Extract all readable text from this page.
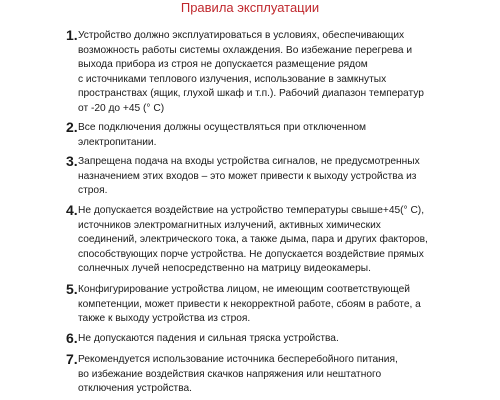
Правила эксплуатации
1. Устройство должно эксплуатироваться в условиях, обеспечивающих
возможность работы системы охлаждения. Во избежание перегрева и
выхода прибора из строя не допускается размещение рядом
с источниками теплового излучения, использование в замкнутых
пространствах (ящик, глухой шкаф и т.п.). Рабочий диапазон температур
от -20 до +45 (° С)
2. Все подключения должны осуществляться при отключенном
электропитании.
3. Запрещена подача на входы устройства сигналов, не предусмотренных
назначением этих входов – это может привести к выходу устройства из
строя.
4. Не допускается воздействие на устройство температуры свыше+45(° С),
источников электромагнитных излучений, активных химических
соединений, электрического тока, а также дыма, пара и других факторов,
способствующих порче устройства. Не допускается воздействие прямых
солнечных лучей непосредственно на матрицу видеокамеры.
5. Конфигурирование устройства лицом, не имеющим соответствующей
компетенции, может привести к некорректной работе, сбоям в работе, а
также к выходу устройства из строя.
6. Не допускаются падения и сильная тряска устройства.
7. Рекомендуется использование источника бесперебойного питания,
во избежание воздействия скачков напряжения или нештатного
отключения устройства.
